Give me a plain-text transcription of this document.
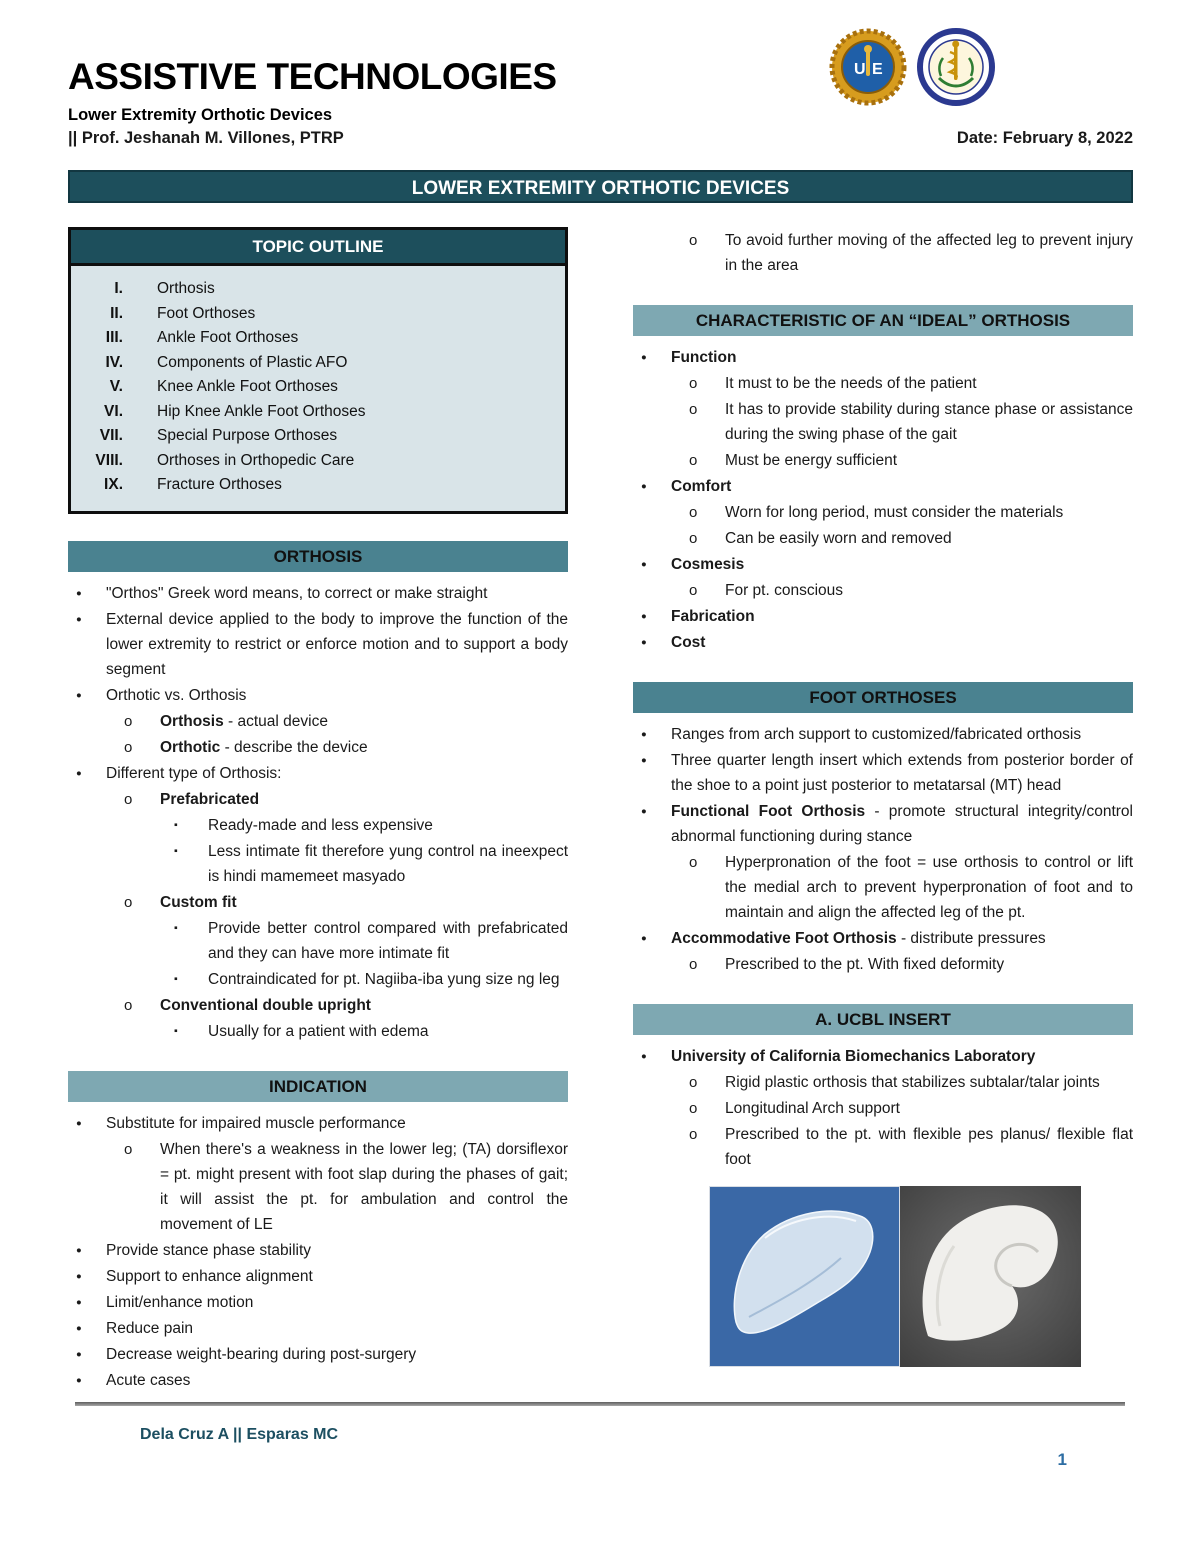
U E
ASSISTIVE TECHNOLOGIES
Lower Extremity Orthotic Devices
|| Prof. Jeshanah M. Villones, PTRP	Date: February 8, 2022
LOWER EXTREMITY ORTHOTIC DEVICES
TOPIC OUTLINE
I.	Orthosis
II.	Foot Orthoses
III.	Ankle Foot Orthoses
IV.	Components of Plastic AFO
V.	Knee Ankle Foot Orthoses
VI.	Hip Knee Ankle Foot Orthoses
VII.	Special Purpose Orthoses
VIII.	Orthoses in Orthopedic Care
IX.	Fracture Orthoses
ORTHOSIS
●	"Orthos" Greek word means, to correct or make straight
●	External device applied to the body to improve the function of the lower extremity to restrict or enforce motion and to support a body segment
●	Orthotic vs. Orthosis
o	Orthosis - actual device
o	Orthotic - describe the device
●	Different type of Orthosis:
o	Prefabricated
▪	Ready-made and less expensive
▪	Less intimate fit therefore yung control na ineexpect is hindi mamemeet masyado
o	Custom fit
▪	Provide better control compared with prefabricated and they can have more intimate fit
▪	Contraindicated for pt. Nagiiba-iba yung size ng leg
o	Conventional double upright
▪	Usually for a patient with edema
INDICATION
●	Substitute for impaired muscle performance
o	When there's a weakness in the lower leg; (TA) dorsiflexor = pt. might present with foot slap during the phases of gait; it will assist the pt. for ambulation and control the movement of LE
●	Provide stance phase stability
●	Support to enhance alignment
●	Limit/enhance motion
●	Reduce pain
●	Decrease weight-bearing during post-surgery
●	Acute cases
o	To avoid further moving of the affected leg to prevent injury in the area
CHARACTERISTIC OF AN “IDEAL” ORTHOSIS
●	Function
o	It must to be the needs of the patient
o	It has to provide stability during stance phase or assistance during the swing phase of the gait
o	Must be energy sufficient
●	Comfort
o	Worn for long period, must consider the materials
o	Can be easily worn and removed
●	Cosmesis
o	For pt. conscious
●	Fabrication
●	Cost
FOOT ORTHOSES
●	Ranges from arch support to customized/fabricated orthosis
●	Three quarter length insert which extends from posterior border of the shoe to a point just posterior to metatarsal (MT) head
●	Functional Foot Orthosis - promote structural integrity/control abnormal functioning during stance
o	Hyperpronation of the foot = use orthosis to control or lift the medial arch to prevent hyperpronation of foot and to maintain and align the affected leg of the pt.
●	Accommodative Foot Orthosis - distribute pressures
o	Prescribed to the pt. With fixed deformity
A. UCBL INSERT
●	University of California Biomechanics Laboratory
o	Rigid plastic orthosis that stabilizes subtalar/talar joints
o	Longitudinal Arch support
o	Prescribed to the pt. with flexible pes planus/ flexible flat foot
Dela Cruz A || Esparas MC
1
